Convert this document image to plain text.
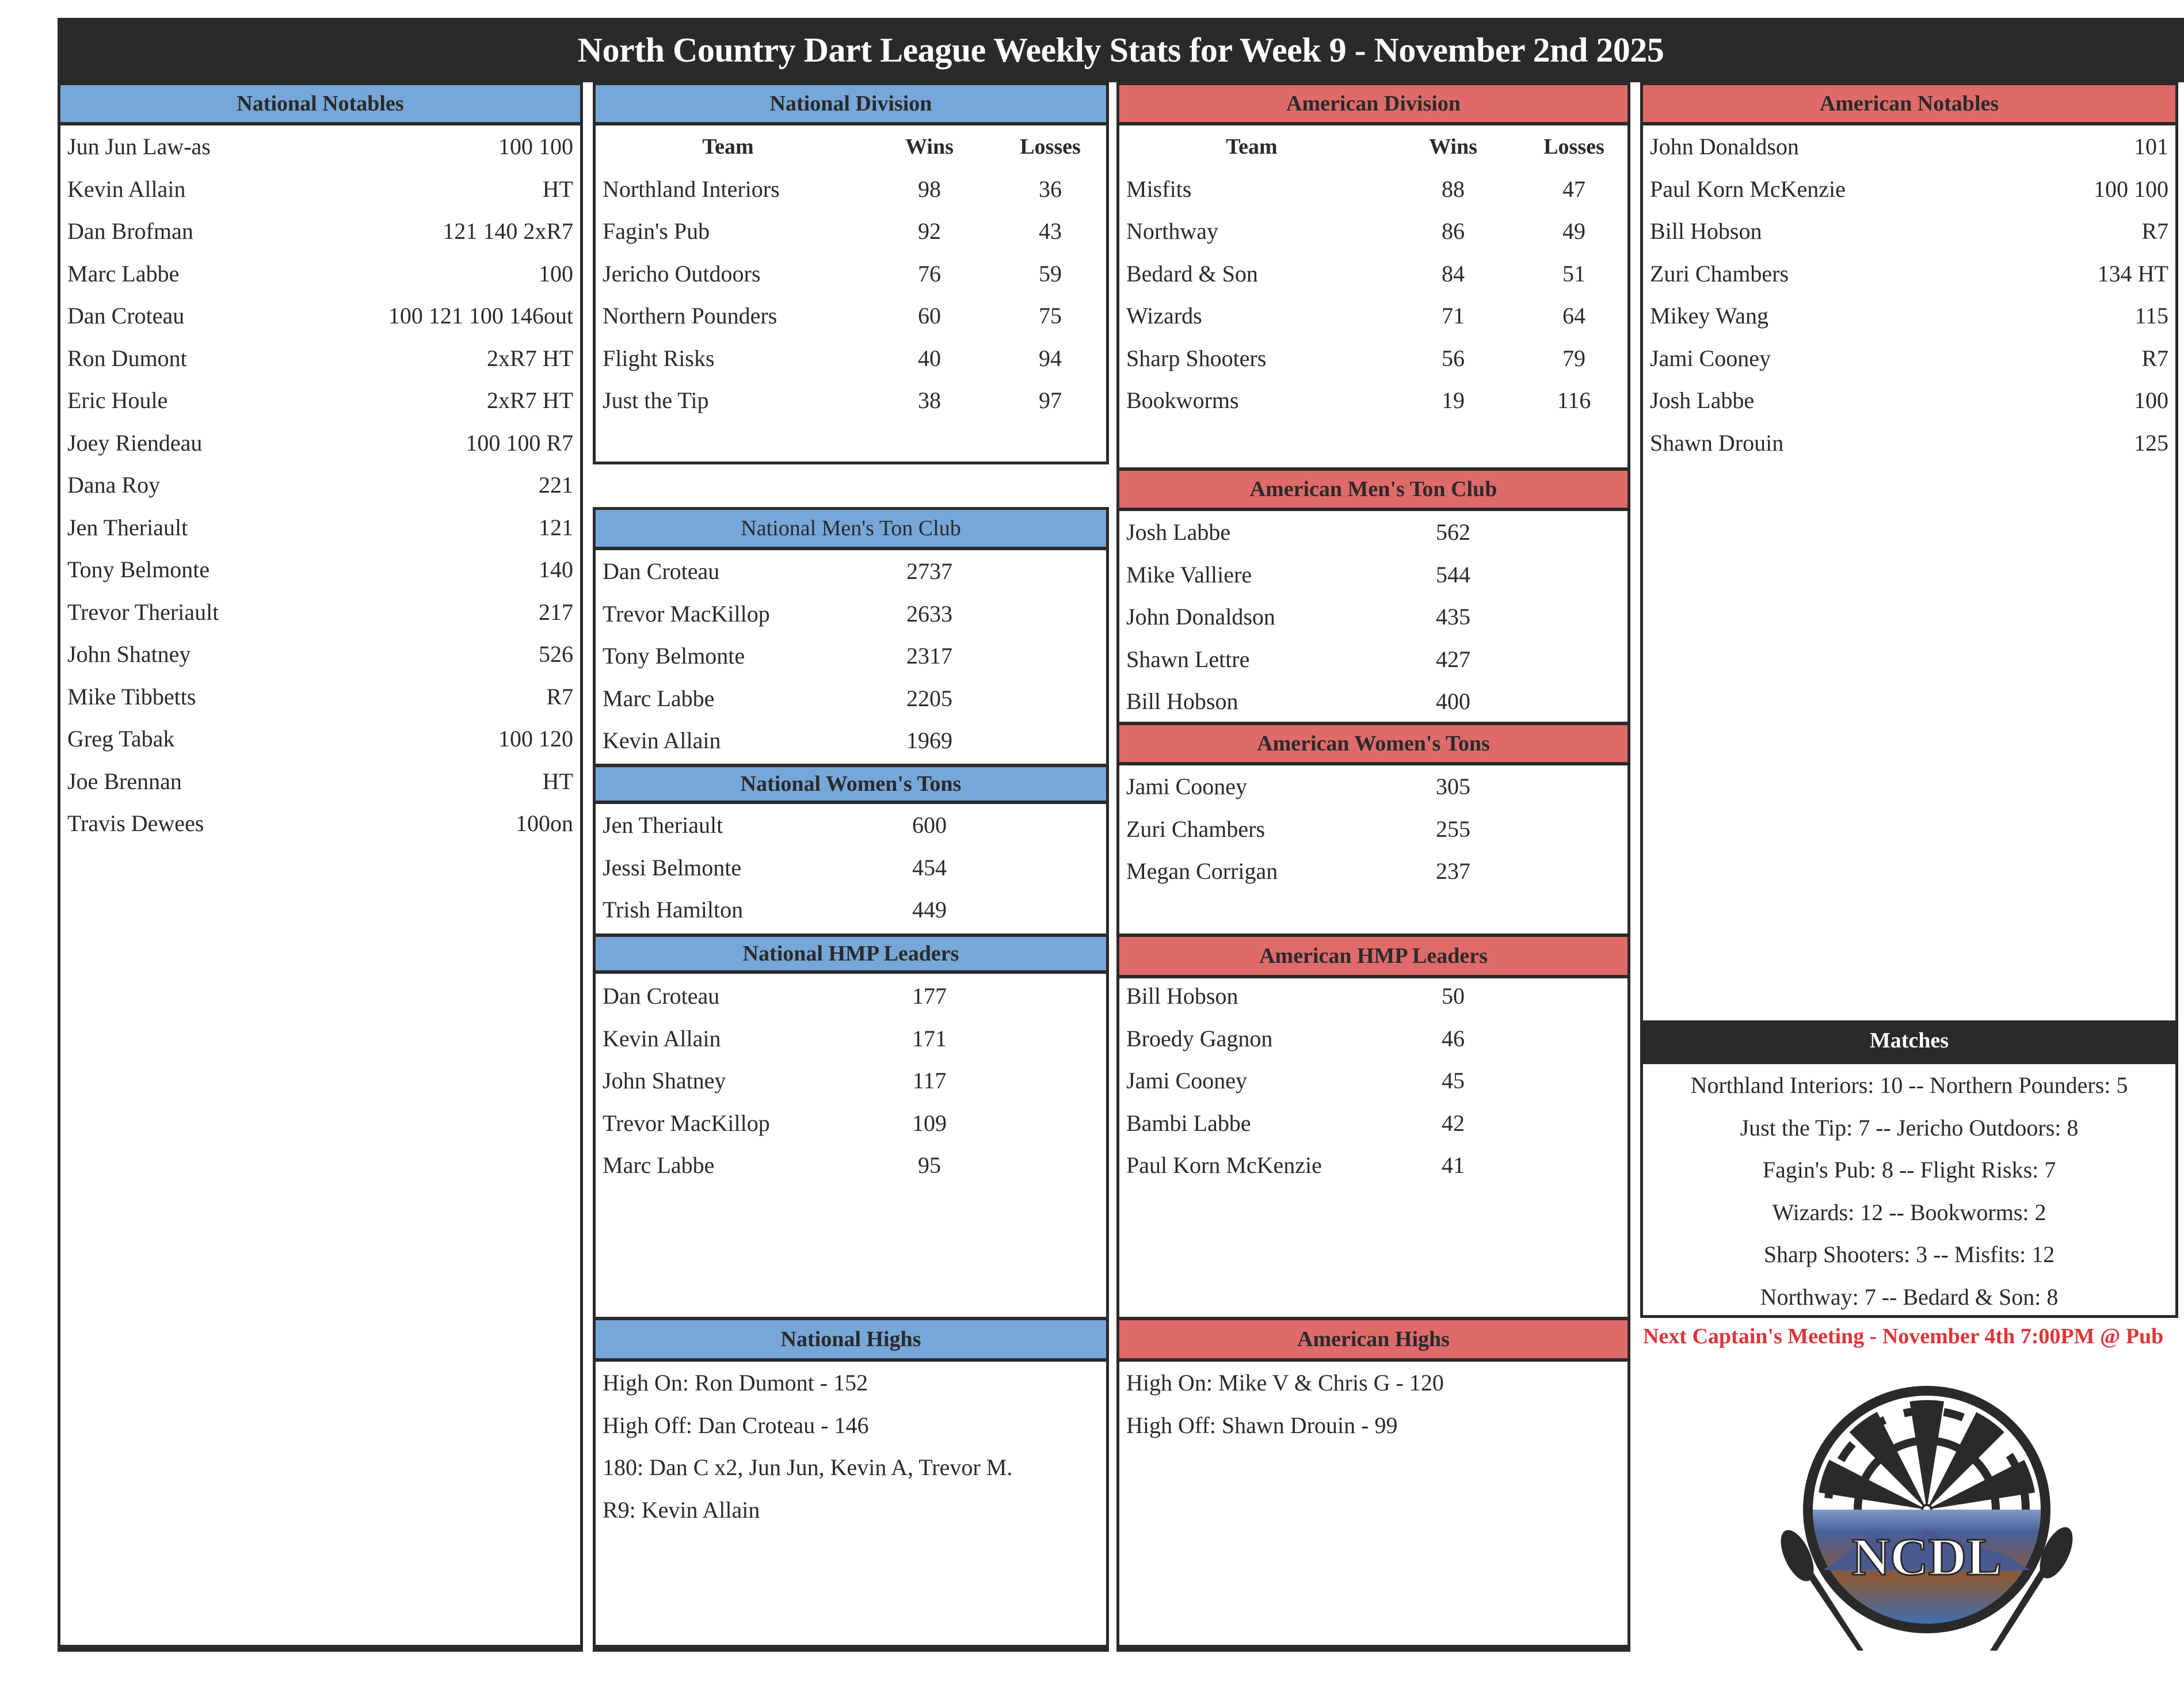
North Country Dart League Weekly Stats for Week 9 - November 2nd 2025
National Notables
Jun Jun Law-as	100 100
Kevin Allain	HT
Dan Brofman	121 140 2xR7
Marc Labbe	100
Dan Croteau	100 121 100 146out
Ron Dumont	2xR7 HT
Eric Houle	2xR7 HT
Joey Riendeau	100 100 R7
Dana Roy	221
Jen Theriault	121
Tony Belmonte	140
Trevor Theriault	217
John Shatney	526
Mike Tibbetts	R7
Greg Tabak	100 120
Joe Brennan	HT
Travis Dewees	100on
National Division
Team	Wins	Losses
Northland Interiors	98	36
Fagin's Pub	92	43
Jericho Outdoors	76	59
Northern Pounders	60	75
Flight Risks	40	94
Just the Tip	38	97
National Men's Ton Club
Dan Croteau	2737
Trevor MacKillop	2633
Tony Belmonte	2317
Marc Labbe	2205
Kevin Allain	1969
National Women's Tons
Jen Theriault	600
Jessi Belmonte	454
Trish Hamilton	449
National HMP Leaders
Dan Croteau	177
Kevin Allain	171
John Shatney	117
Trevor MacKillop	109
Marc Labbe	95
National Highs
High On: Ron Dumont - 152
High Off: Dan Croteau - 146
180: Dan C x2, Jun Jun, Kevin A, Trevor M.
R9: Kevin Allain
American Division
Team	Wins	Losses
Misfits	88	47
Northway	86	49
Bedard & Son	84	51
Wizards	71	64
Sharp Shooters	56	79
Bookworms	19	116
American Men's Ton Club
Josh Labbe	562
Mike Valliere	544
John Donaldson	435
Shawn Lettre	427
Bill Hobson	400
American Women's Tons
Jami Cooney	305
Zuri Chambers	255
Megan Corrigan	237
American HMP Leaders
Bill Hobson	50
Broedy Gagnon	46
Jami Cooney	45
Bambi Labbe	42
Paul Korn McKenzie	41
American Highs
High On: Mike V & Chris G - 120
High Off: Shawn Drouin - 99
American Notables
John Donaldson	101
Paul Korn McKenzie	100 100
Bill Hobson	R7
Zuri Chambers	134 HT
Mikey Wang	115
Jami Cooney	R7
Josh Labbe	100
Shawn Drouin	125
Matches
Northland Interiors: 10 -- Northern Pounders: 5
Just the Tip: 7 -- Jericho Outdoors: 8
Fagin's Pub: 8 -- Flight Risks: 7
Wizards: 12 -- Bookworms: 2
Sharp Shooters: 3 -- Misfits: 12
Northway: 7 -- Bedard & Son: 8
Next Captain's Meeting - November 4th 7:00PM @ Pub
NCDL
